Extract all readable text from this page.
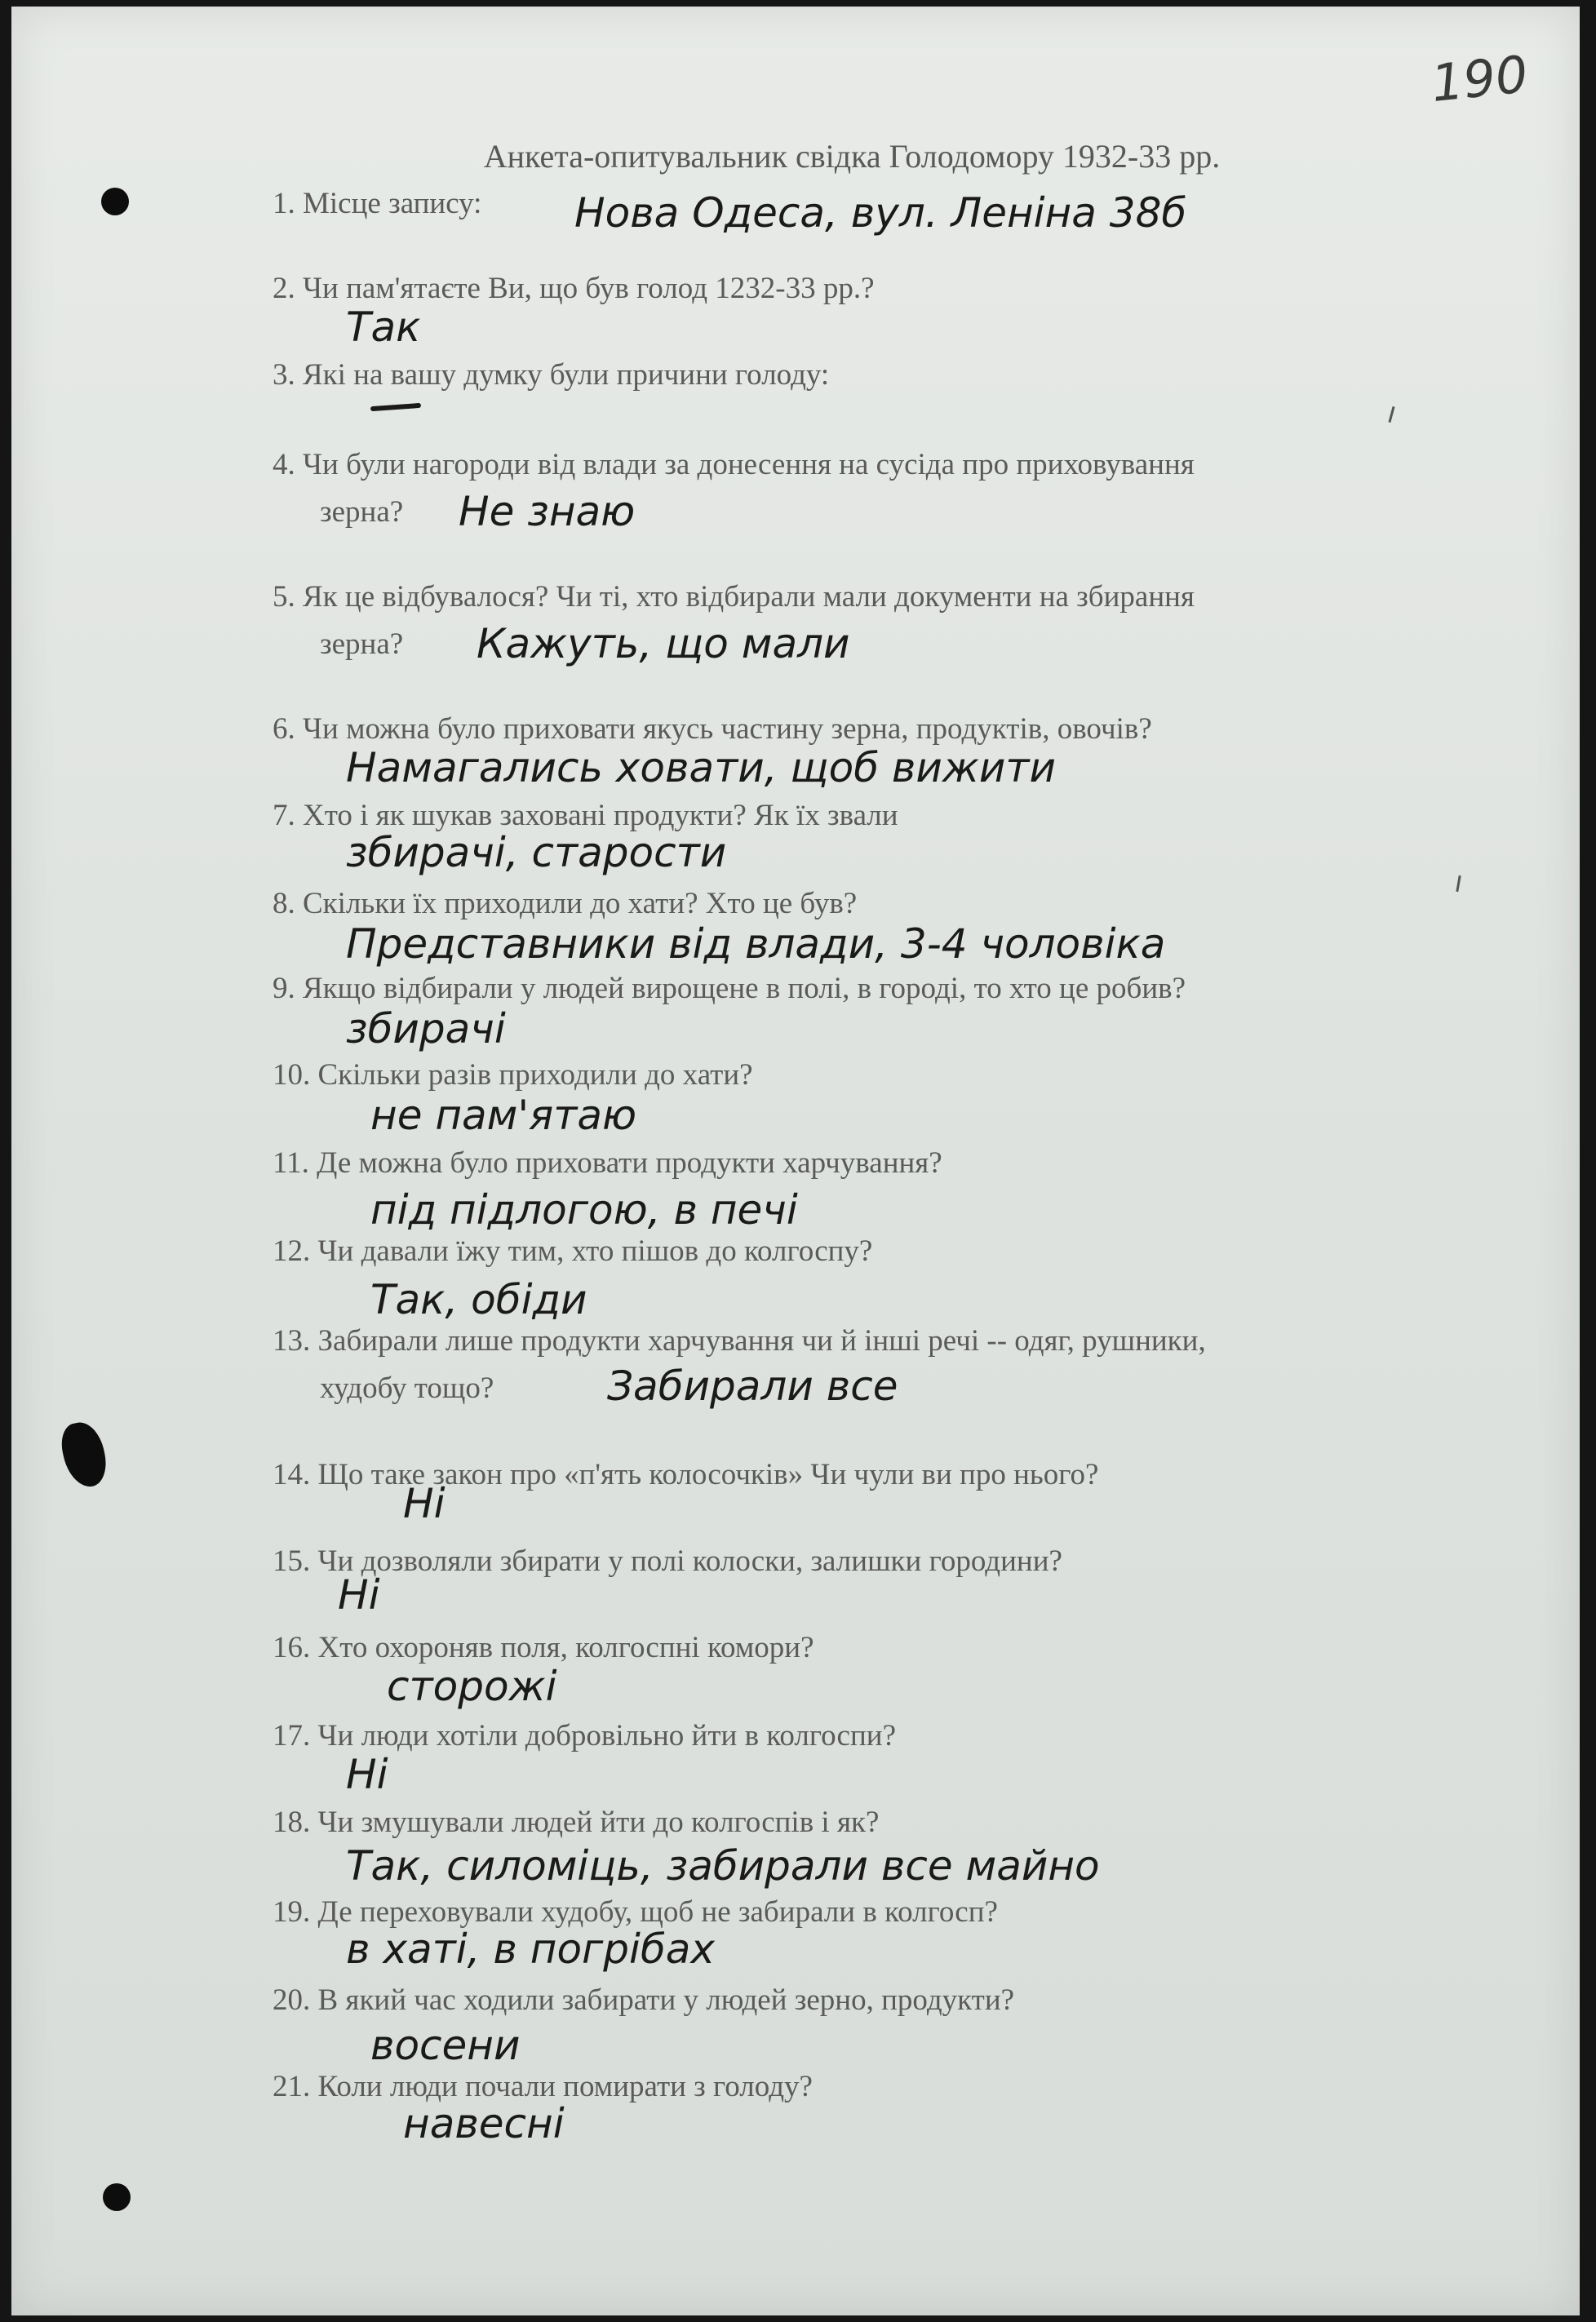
190
Анкета-опитувальник свідка Голодомору 1932-33 рр.
1. Місце запису: Нова Одеса, вул. Леніна 38б
2. Чи пам'ятаєте Ви, що був голод 1232-33 рр.?
Так
3. Які на вашу думку були причини голоду:
4. Чи були нагороди від влади за донесення на сусіда про приховування
зерна? Не знаю
5. Як це відбувалося? Чи ті, хто відбирали мали документи на збирання
зерна? Кажуть, що мали
6. Чи можна було приховати якусь частину зерна, продуктів, овочів?
Намагались ховати, щоб вижити
7. Хто і як шукав заховані продукти? Як їх звали
збирачі, старости
8. Скільки їх приходили до хати? Хто це був?
Представники від влади, 3-4 чоловіка
9. Якщо відбирали у людей вирощене в полі, в городі, то хто це робив?
збирачі
10. Скільки разів приходили до хати?
не пам'ятаю
11. Де можна було приховати продукти харчування?
під підлогою, в печі
12. Чи давали їжу тим, хто пішов до колгоспу?
Так, обіди
13. Забирали лише продукти харчування чи й інші речі -- одяг, рушники,
худобу тощо?	Забирали все
14. Що таке закон про «п'ять колосочків» Чи чули ви про нього?
Ні
15. Чи дозволяли збирати у полі колоски, залишки городини?
Ні
16. Хто охороняв поля, колгоспні комори?
сторожі
17. Чи люди хотіли добровільно йти в колгоспи?
Ні
18. Чи змушували людей йти до колгоспів і як?
Так, силоміць, забирали все майно
19. Де переховували худобу, щоб не забирали в колгосп?
в хаті, в погрібах
20. В який час ходили забирати у людей зерно, продукти?
восени
21. Коли люди почали помирати з голоду?
навесні
